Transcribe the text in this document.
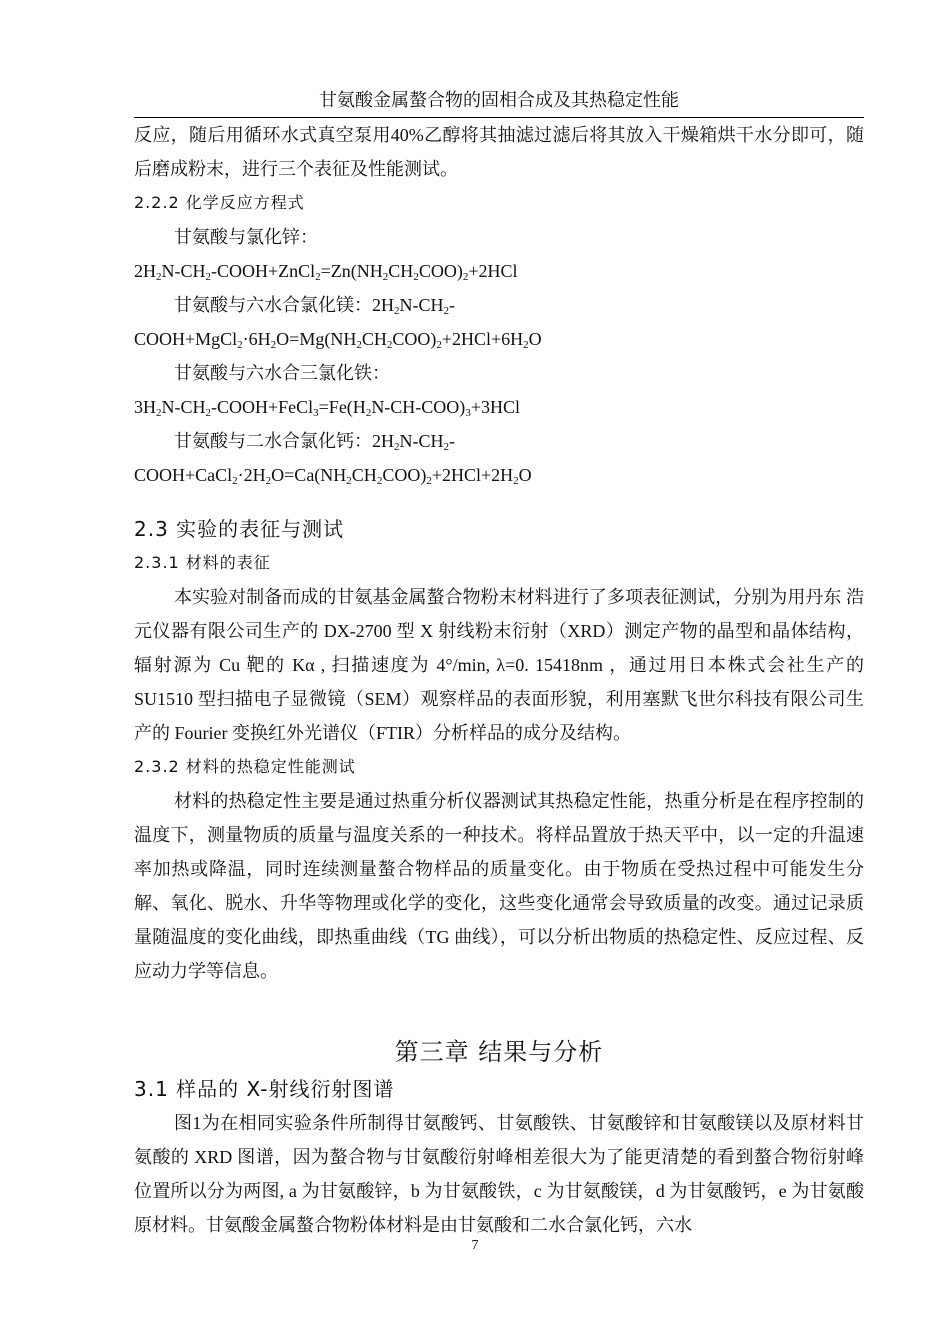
甘氨酸金属螯合物的固相合成及其热稳定性能

反应，随后用循环水式真空泵用40%乙醇将其抽滤过滤后将其放入干燥箱烘干水分即可，随后磨成粉末，进行三个表征及性能测试。

2.2.2 化学反应方程式

甘氨酸与氯化锌：

$2H_2N-CH_2-COOH+ZnCl_2=Zn(NH_2CH_2COO)_2+2HCl$

甘氨酸与六水合氯化镁：$2H_2N-CH_2-$

$COOH+MgCl_2\cdot 6H_2O=Mg(NH_2CH_2COO)_2+2HCl+6H_2O$

甘氨酸与六水合三氯化铁：

$3H_2N-CH_2-COOH+FeCl_3=Fe(H_2N-CH-COO)_3+3HCl$

甘氨酸与二水合氯化钙：$2H_2N-CH_2-$

$COOH+CaCl_2\cdot 2H_2O=Ca(NH_2CH_2COO)_2+2HCl+2H_2O$

2.3 实验的表征与测试

2.3.1 材料的表征

本实验对制备而成的甘氨基金属螯合物粉末材料进行了多项表征测试，分别为用丹东 浩元仪器有限公司生产的 DX-2700 型 X 射线粉末衍射（XRD）测定产物的晶型和晶体结构，辐射源为 Cu 靶的 Kα , 扫描速度为 4°/min, λ=0. 15418nm ，通过用日本株式会社生产的 SU1510 型扫描电子显微镜（SEM）观察样品的表面形貌，利用塞默飞世尔科技有限公司生产的 Fourier 变换红外光谱仪（FTIR）分析样品的成分及结构。

2.3.2 材料的热稳定性能测试

材料的热稳定性主要是通过热重分析仪器测试其热稳定性能，热重分析是在程序控制的温度下，测量物质的质量与温度关系的一种技术。将样品置放于热天平中，以一定的升温速率加热或降温，同时连续测量螯合物样品的质量变化。由于物质在受热过程中可能发生分解、氧化、脱水、升华等物理或化学的变化，这些变化通常会导致质量的改变。通过记录质量随温度的变化曲线，即热重曲线（TG 曲线），可以分析出物质的热稳定性、反应过程、反应动力学等信息。

第三章 结果与分析

3.1 样品的 X-射线衍射图谱

图1为在相同实验条件所制得甘氨酸钙、甘氨酸铁、甘氨酸锌和甘氨酸镁以及原材料甘氨酸的 XRD 图谱，因为螯合物与甘氨酸衍射峰相差很大为了能更清楚的看到螯合物衍射峰位置所以分为两图, a 为甘氨酸锌，b 为甘氨酸铁，c 为甘氨酸镁，d 为甘氨酸钙，e 为甘氨酸原材料。甘氨酸金属螯合物粉体材料是由甘氨酸和二水合氯化钙，六水

7
